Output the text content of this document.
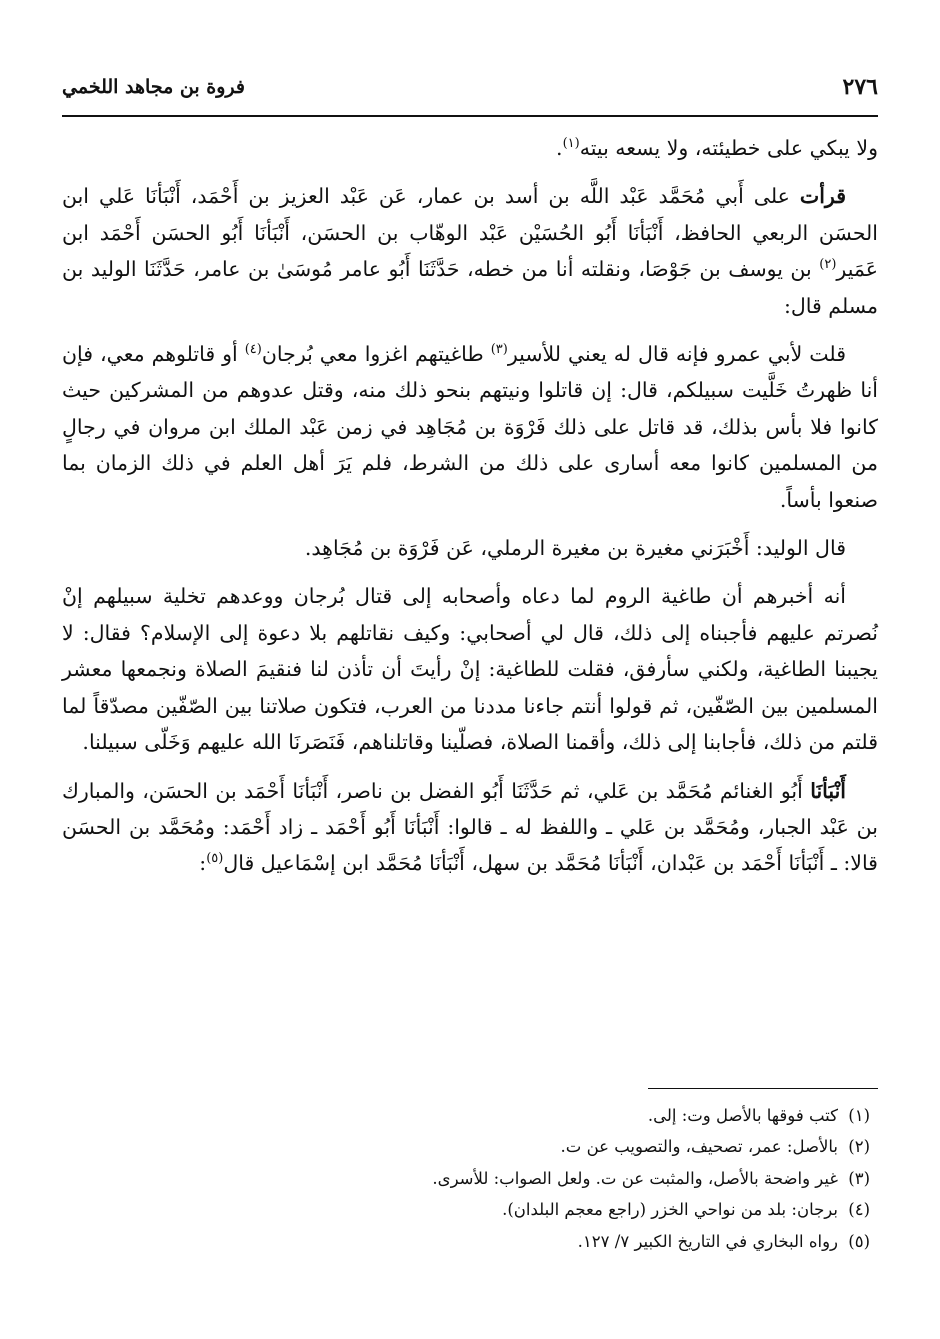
٢٧٦
فروة بن مجاهد اللخمي

ولا يبكي على خطيئته، ولا يسعه بيته$^{(١)}$.

قرأت على أَبي مُحَمَّد عَبْد اللَّه بن أسد بن عمار، عَن عَبْد العزيز بن أَحْمَد، أَنْبَأنَا عَلي ابن الحسَن الربعي الحافظ، أَنْبَأنَا أَبُو الحُسَيْن عَبْد الوهّاب بن الحسَن، أَنْبَأنَا أَبُو الحسَن أَحْمَد ابن عَمَير$^{(٢)}$ بن يوسف بن جَوْصَا، ونقلته أنا من خطه، حَدَّثَنَا أَبُو عامر مُوسَىٰ بن عامر، حَدَّثَنَا الوليد بن مسلم قال:

قلت لأبي عمرو فإنه قال له يعني للأسير$^{(٣)}$ طاغيتهم اغزوا معي بُرجان$^{(٤)}$ أو قاتلوهم معي، فإن أنا ظهرتُ خَلَّيت سبيلكم، قال: إن قاتلوا ونيتهم بنحو ذلك منه، وقتل عدوهم من المشركين حيث كانوا فلا بأس بذلك، قد قاتل على ذلك فَرْوَة بن مُجَاهِد في زمن عَبْد الملك ابن مروان في رجالٍ من المسلمين كانوا معه أسارى على ذلك من الشرط، فلم يَرَ أهل العلم في ذلك الزمان بما صنعوا بأساً.

قال الوليد: أَخْبَرَني مغيرة بن مغيرة الرملي، عَن فَرْوَة بن مُجَاهِد.

أنه أخبرهم أن طاغية الروم لما دعاه وأصحابه إلى قتال بُرجان ووعدهم تخلية سبيلهم إنْ نُصرتم عليهم فأجبناه إلى ذلك، قال لي أصحابي: وكيف نقاتلهم بلا دعوة إلى الإسلام؟ فقال: لا يجيبنا الطاغية، ولكني سأرفق، فقلت للطاغية: إنْ رأيتَ أن تأذن لنا فنقيمَ الصلاة ونجمعها معشر المسلمين بين الصّفّين، ثم قولوا أنتم جاءنا مددنا من العرب، فتكون صلاتنا بين الصّفّين مصدّقاً لما قلتم من ذلك، فأجابنا إلى ذلك، وأقمنا الصلاة، فصلّينا وقاتلناهم، فَنَصَرنَا الله عليهم وَخَلّى سبيلنا.

أَنْبَأنَا أَبُو الغنائم مُحَمَّد بن عَلي، ثم حَدَّثَنَا أَبُو الفضل بن ناصر، أَنْبَأنَا أَحْمَد بن الحسَن، والمبارك بن عَبْد الجبار، ومُحَمَّد بن عَلي ـ واللفظ له ـ قالوا: أَنْبَأنَا أَبُو أَحْمَد ـ زاد أَحْمَد: ومُحَمَّد بن الحسَن قالا: ـ أَنْبَأنَا أَحْمَد بن عَبْدان، أَنْبَأنَا مُحَمَّد بن سهل، أَنْبَأنَا مُحَمَّد ابن إسْمَاعيل قال$^{(٥)}$:

(١)كتب فوقها بالأصل وت: إلى.
(٢)بالأصل: عمر، تصحيف، والتصويب عن ت.
(٣)غير واضحة بالأصل، والمثبت عن ت. ولعل الصواب: للأسرى.
(٤)برجان: بلد من نواحي الخزر (راجع معجم البلدان).
(٥)رواه البخاري في التاريخ الكبير ٧/ ١٢٧.
